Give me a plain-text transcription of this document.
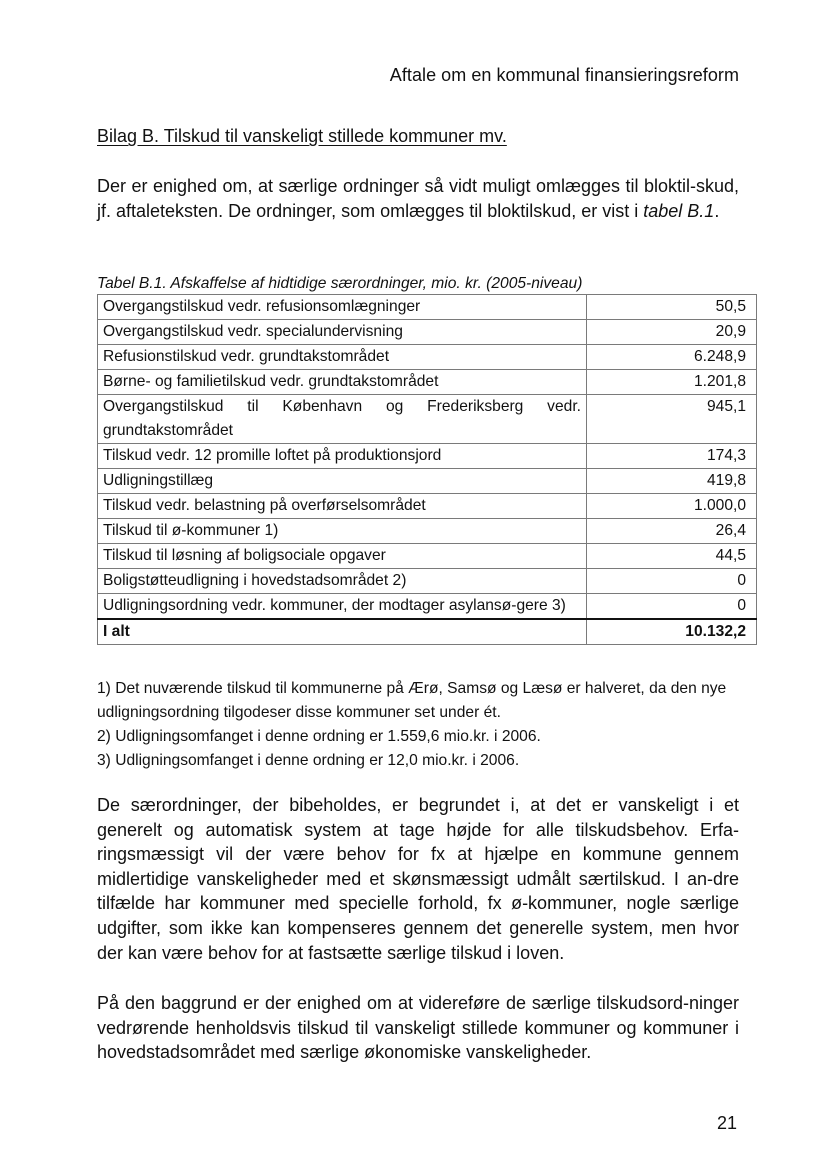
Aftale om en kommunal finansieringsreform
Bilag B. Tilskud til vanskeligt stillede kommuner mv.

Der er enighed om, at særlige ordninger så vidt muligt omlægges til bloktil-skud, jf. aftaleteksten. De ordninger, som omlægges til bloktilskud, er vist i tabel B.1.

Tabel B.1. Afskaffelse af hidtidige særordninger, mio. kr. (2005-niveau)
Overgangstilskud vedr. refusionsomlægninger	50,5
Overgangstilskud vedr. specialundervisning	20,9
Refusionstilskud vedr. grundtakstområdet	6.248,9
Børne- og familietilskud vedr. grundtakstområdet	1.201,8
Overgangstilskud til København og Frederiksberg vedr. grundtakstområdet	945,1
Tilskud vedr. 12 promille loftet på produktionsjord	174,3
Udligningstillæg	419,8
Tilskud vedr. belastning på overførselsområdet	1.000,0
Tilskud til ø-kommuner 1)	26,4
Tilskud til løsning af boligsociale opgaver	44,5
Boligstøtteudligning i hovedstadsområdet 2)	0
Udligningsordning vedr. kommuner, der modtager asylansø-gere 3)	0
I alt	10.132,2
1) Det nuværende tilskud til kommunerne på Ærø, Samsø og Læsø er halveret, da den nye udligningsordning tilgodeser disse kommuner set under ét.
2) Udligningsomfanget i denne ordning er 1.559,6 mio.kr. i 2006.
3) Udligningsomfanget i denne ordning er 12,0 mio.kr. i 2006.

De særordninger, der bibeholdes, er begrundet i, at det er vanskeligt i et generelt og automatisk system at tage højde for alle tilskudsbehov. Erfa-ringsmæssigt vil der være behov for fx at hjælpe en kommune gennem midlertidige vanskeligheder med et skønsmæssigt udmålt særtilskud. I an-dre tilfælde har kommuner med specielle forhold, fx ø-kommuner, nogle særlige udgifter, som ikke kan kompenseres gennem det generelle system, men hvor der kan være behov for at fastsætte særlige tilskud i loven.

På den baggrund er der enighed om at videreføre de særlige tilskudsord-ninger vedrørende henholdsvis tilskud til vanskeligt stillede kommuner og kommuner i hovedstadsområdet med særlige økonomiske vanskeligheder.

21
